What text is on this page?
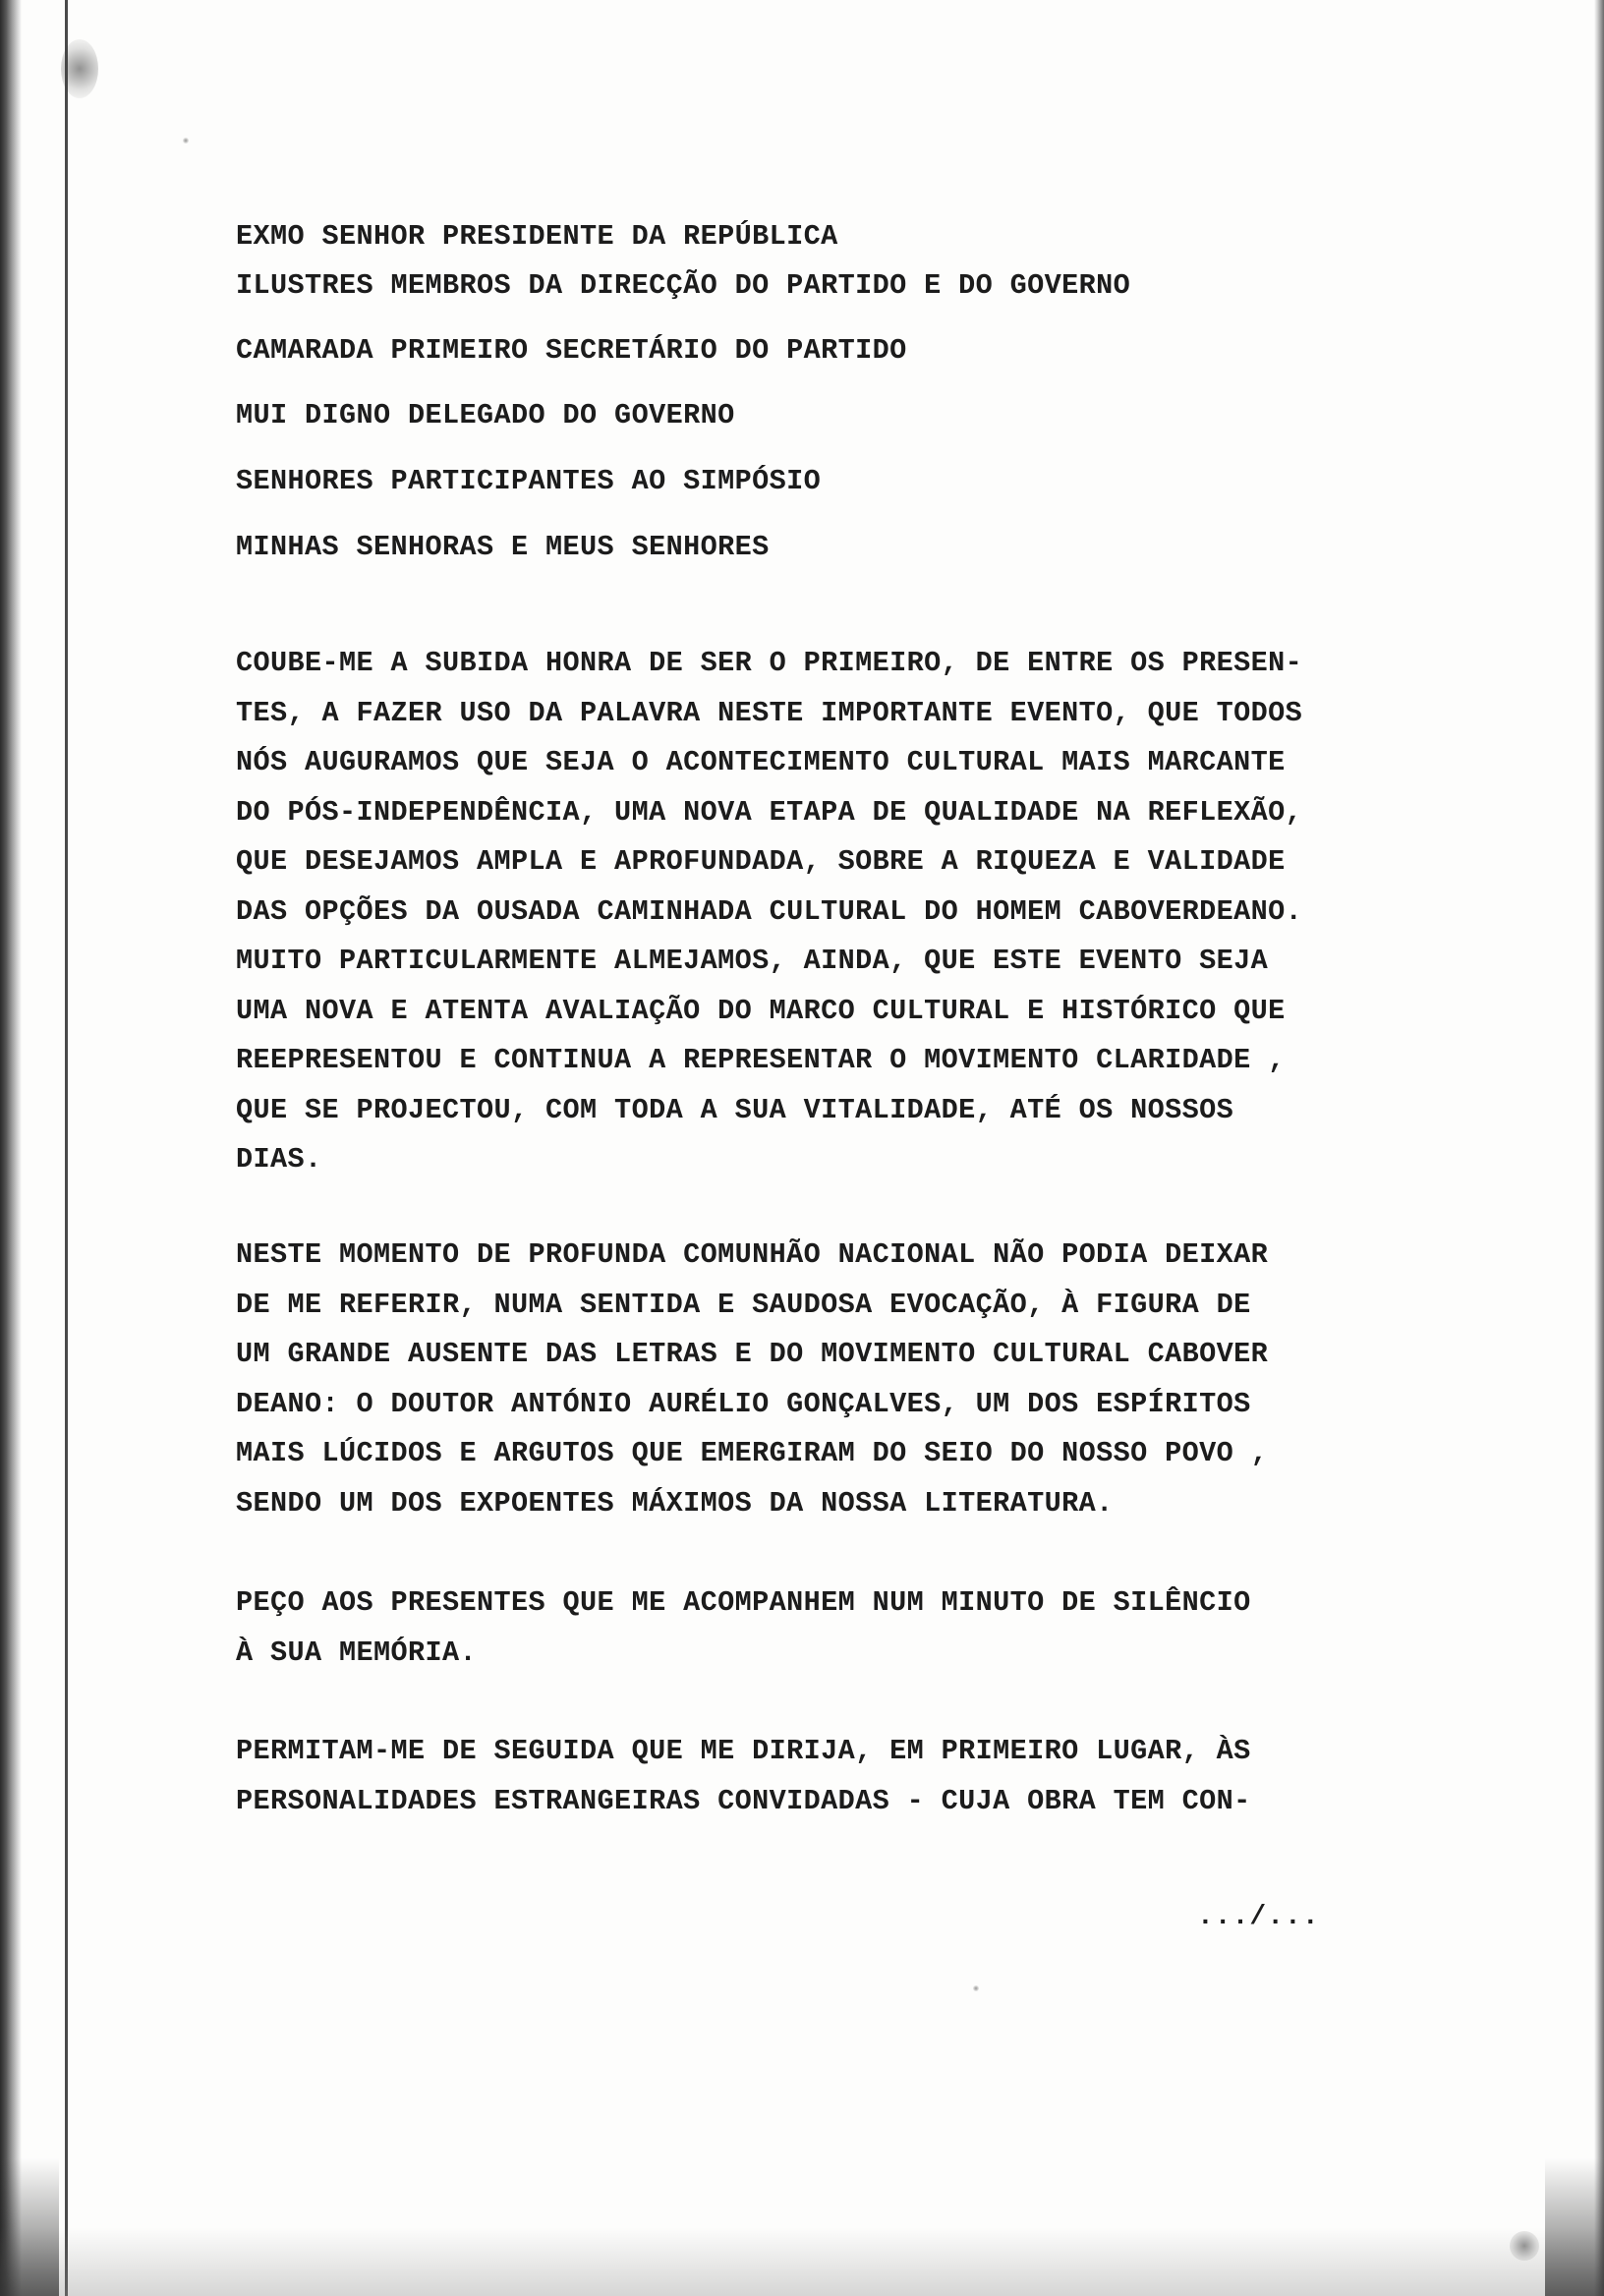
EXMO SENHOR PRESIDENTE DA REPÚBLICA
ILUSTRES MEMBROS DA DIRECÇÃO DO PARTIDO E DO GOVERNO
CAMARADA PRIMEIRO SECRETÁRIO DO PARTIDO
MUI DIGNO DELEGADO DO GOVERNO
SENHORES PARTICIPANTES AO SIMPÓSIO
MINHAS SENHORAS E MEUS SENHORES
COUBE-ME A SUBIDA HONRA DE SER O PRIMEIRO, DE ENTRE OS PRESEN-
TES, A FAZER USO DA PALAVRA NESTE IMPORTANTE EVENTO, QUE TODOS
NÓS AUGURAMOS QUE SEJA O ACONTECIMENTO CULTURAL MAIS MARCANTE
DO PÓS-INDEPENDÊNCIA, UMA NOVA ETAPA DE QUALIDADE NA REFLEXÃO,
QUE DESEJAMOS AMPLA E APROFUNDADA, SOBRE A RIQUEZA E VALIDADE
DAS OPÇÕES DA OUSADA CAMINHADA CULTURAL DO HOMEM CABOVERDEANO.
MUITO PARTICULARMENTE ALMEJAMOS, AINDA, QUE ESTE EVENTO SEJA
UMA NOVA E ATENTA AVALIAÇÃO DO MARCO CULTURAL E HISTÓRICO QUE
REEPRESENTOU E CONTINUA A REPRESENTAR O MOVIMENTO CLARIDADE ,
QUE SE PROJECTOU, COM TODA A SUA VITALIDADE, ATÉ OS NOSSOS
DIAS.
NESTE MOMENTO DE PROFUNDA COMUNHÃO NACIONAL NÃO PODIA DEIXAR
DE ME REFERIR, NUMA SENTIDA E SAUDOSA EVOCAÇÃO, À FIGURA DE
UM GRANDE AUSENTE DAS LETRAS E DO MOVIMENTO CULTURAL CABOVER
DEANO: O DOUTOR ANTÓNIO AURÉLIO GONÇALVES, UM DOS ESPÍRITOS
MAIS LÚCIDOS E ARGUTOS QUE EMERGIRAM DO SEIO DO NOSSO POVO ,
SENDO UM DOS EXPOENTES MÁXIMOS DA NOSSA LITERATURA.
PEÇO AOS PRESENTES QUE ME ACOMPANHEM NUM MINUTO DE SILÊNCIO
À SUA MEMÓRIA.
PERMITAM-ME DE SEGUIDA QUE ME DIRIJA, EM PRIMEIRO LUGAR, ÀS
PERSONALIDADES ESTRANGEIRAS CONVIDADAS - CUJA OBRA TEM CON-
.../...
